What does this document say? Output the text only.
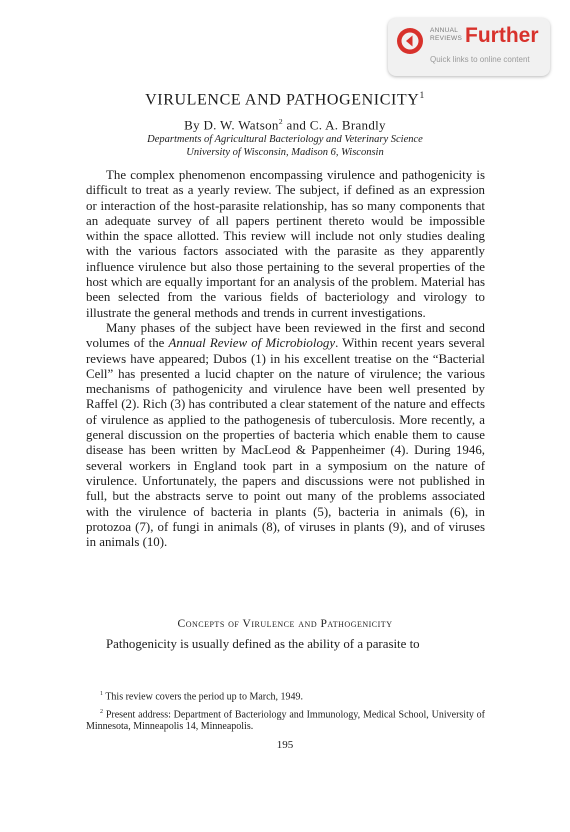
ANNUAL
REVIEWS Further
Quick links to online content
VIRULENCE AND PATHOGENICITY$^1$
By D. W. Watson$^2$ and C. A. Brandly
Departments of Agricultural Bacteriology and Veterinary Science
University of Wisconsin, Madison 6, Wisconsin

The complex phenomenon encompassing virulence and pathogenicity is difficult to treat as a yearly review. The subject, if defined as an expression or interaction of the host-parasite relationship, has so many components that an adequate survey of all papers pertinent thereto would be impossible within the space allotted. This review will include not only studies dealing with the various factors associated with the parasite as they apparently influence virulence but also those pertaining to the several properties of the host which are equally important for an analysis of the problem. Material has been selected from the various fields of bacteriology and virology to illustrate the general methods and trends in current investigations.

Many phases of the subject have been reviewed in the first and second volumes of the Annual Review of Microbiology. Within recent years several reviews have appeared; Dubos (1) in his excellent treatise on the “Bacterial Cell” has presented a lucid chapter on the nature of virulence; the various mechanisms of pathogenicity and virulence have been well presented by Raffel (2). Rich (3) has contributed a clear statement of the nature and effects of virulence as applied to the pathogenesis of tuberculosis. More recently, a general discussion on the properties of bacteria which enable them to cause disease has been written by MacLeod & Pappenheimer (4). During 1946, several workers in England took part in a symposium on the nature of virulence. Unfortunately, the papers and discussions were not published in full, but the abstracts serve to point out many of the problems associated with the virulence of bacteria in plants (5), bacteria in animals (6), in protozoa (7), of fungi in animals (8), of viruses in plants (9), and of viruses in animals (10).

Concepts of Virulence and Pathogenicity

Pathogenicity is usually defined as the ability of a parasite to

$^1$ This review covers the period up to March, 1949.

$^2$ Present address: Department of Bacteriology and Immunology, Medical School, University of Minnesota, Minneapolis 14, Minneapolis.

195
